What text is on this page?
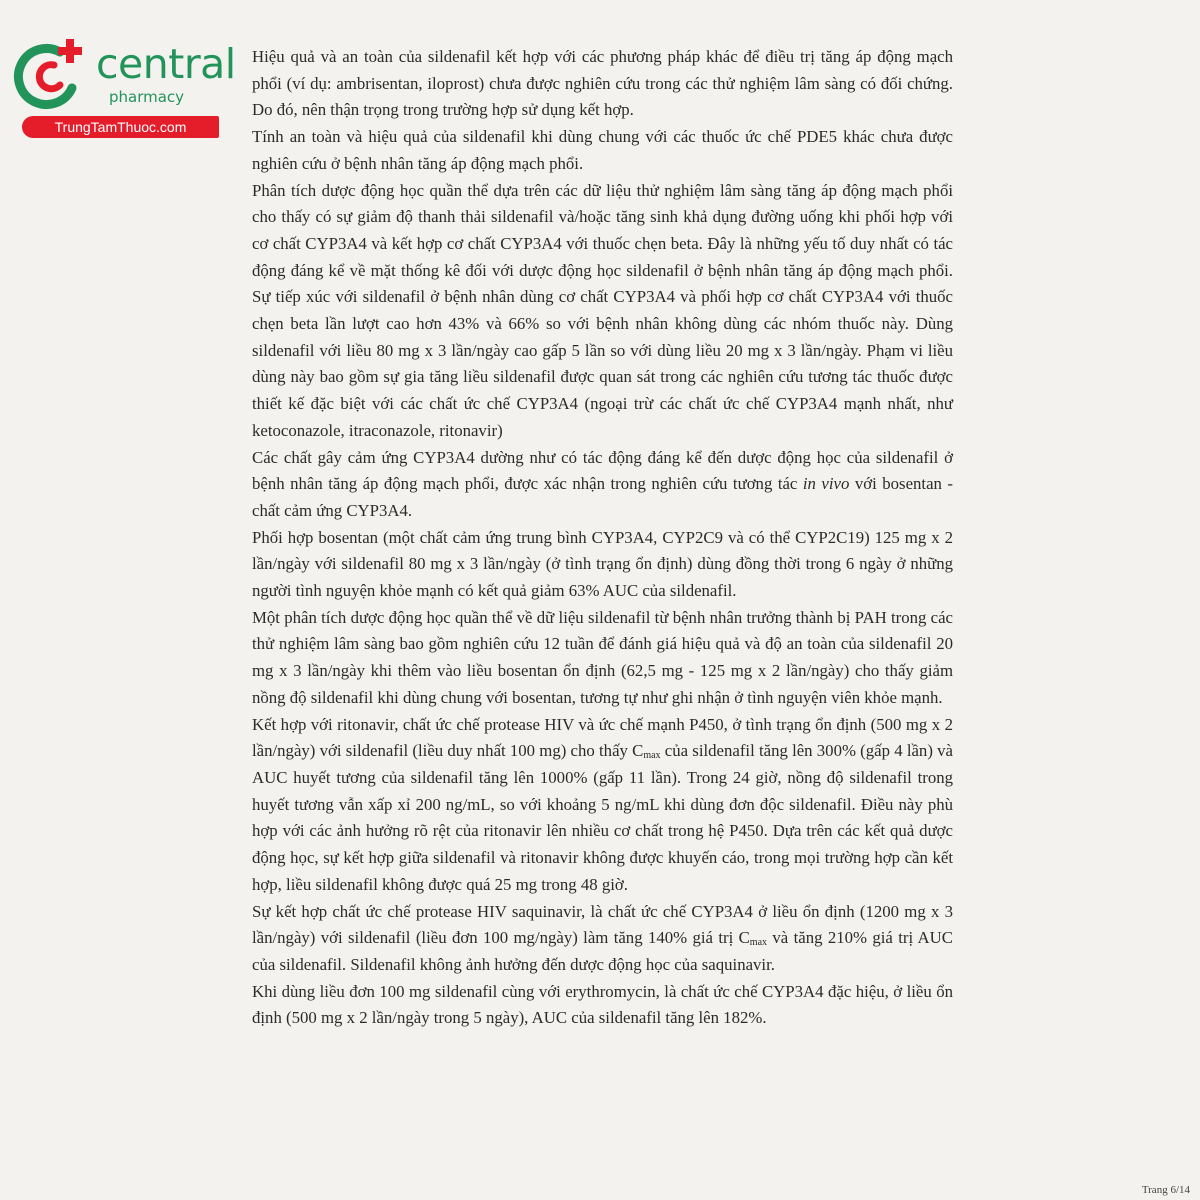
central
pharmacy
TrungTamThuoc.com

Hiệu quả và an toàn của sildenafil kết hợp với các phương pháp khác để điều trị tăng áp động mạch phổi (ví dụ: ambrisentan, iloprost) chưa được nghiên cứu trong các thử nghiệm lâm sàng có đối chứng. Do đó, nên thận trọng trong trường hợp sử dụng kết hợp.

Tính an toàn và hiệu quả của sildenafil khi dùng chung với các thuốc ức chế PDE5 khác chưa được nghiên cứu ở bệnh nhân tăng áp động mạch phổi.

Phân tích dược động học quần thể dựa trên các dữ liệu thử nghiệm lâm sàng tăng áp động mạch phổi cho thấy có sự giảm độ thanh thải sildenafil và/hoặc tăng sinh khả dụng đường uống khi phối hợp với cơ chất CYP3A4 và kết hợp cơ chất CYP3A4 với thuốc chẹn beta. Đây là những yếu tố duy nhất có tác động đáng kể về mặt thống kê đối với dược động học sildenafil ở bệnh nhân tăng áp động mạch phổi. Sự tiếp xúc với sildenafil ở bệnh nhân dùng cơ chất CYP3A4 và phối hợp cơ chất CYP3A4 với thuốc chẹn beta lần lượt cao hơn 43% và 66% so với bệnh nhân không dùng các nhóm thuốc này. Dùng sildenafil với liều 80 mg x 3 lần/ngày cao gấp 5 lần so với dùng liều 20 mg x 3 lần/ngày. Phạm vi liều dùng này bao gồm sự gia tăng liều sildenafil được quan sát trong các nghiên cứu tương tác thuốc được thiết kế đặc biệt với các chất ức chế CYP3A4 (ngoại trừ các chất ức chế CYP3A4 mạnh nhất, như ketoconazole, itraconazole, ritonavir)

Các chất gây cảm ứng CYP3A4 dường như có tác động đáng kể đến dược động học của sildenafil ở bệnh nhân tăng áp động mạch phổi, được xác nhận trong nghiên cứu tương tác in vivo với bosentan - chất cảm ứng CYP3A4.

Phối hợp bosentan (một chất cảm ứng trung bình CYP3A4, CYP2C9 và có thể CYP2C19) 125 mg x 2 lần/ngày với sildenafil 80 mg x 3 lần/ngày (ở tình trạng ổn định) dùng đồng thời trong 6 ngày ở những người tình nguyện khỏe mạnh có kết quả giảm 63% AUC của sildenafil.

Một phân tích dược động học quần thể về dữ liệu sildenafil từ bệnh nhân trưởng thành bị PAH trong các thử nghiệm lâm sàng bao gồm nghiên cứu 12 tuần để đánh giá hiệu quả và độ an toàn của sildenafil 20 mg x 3 lần/ngày khi thêm vào liều bosentan ổn định (62,5 mg - 125 mg x 2 lần/ngày) cho thấy giảm nồng độ sildenafil khi dùng chung với bosentan, tương tự như ghi nhận ở tình nguyện viên khỏe mạnh.

Kết hợp với ritonavir, chất ức chế protease HIV và ức chế mạnh P450, ở tình trạng ổn định (500 mg x 2 lần/ngày) với sildenafil (liều duy nhất 100 mg) cho thấy $C_{max}$ của sildenafil tăng lên 300% (gấp 4 lần) và AUC huyết tương của sildenafil tăng lên 1000% (gấp 11 lần). Trong 24 giờ, nồng độ sildenafil trong huyết tương vẫn xấp xỉ 200 ng/mL, so với khoảng 5 ng/mL khi dùng đơn độc sildenafil. Điều này phù hợp với các ảnh hưởng rõ rệt của ritonavir lên nhiều cơ chất trong hệ P450. Dựa trên các kết quả dược động học, sự kết hợp giữa sildenafil và ritonavir không được khuyến cáo, trong mọi trường hợp cần kết hợp, liều sildenafil không được quá 25 mg trong 48 giờ.

Sự kết hợp chất ức chế protease HIV saquinavir, là chất ức chế CYP3A4 ở liều ổn định (1200 mg x 3 lần/ngày) với sildenafil (liều đơn 100 mg/ngày) làm tăng 140% giá trị $C_{max}$ và tăng 210% giá trị AUC của sildenafil. Sildenafil không ảnh hưởng đến dược động học của saquinavir.

Khi dùng liều đơn 100 mg sildenafil cùng với erythromycin, là chất ức chế CYP3A4 đặc hiệu, ở liều ổn định (500 mg x 2 lần/ngày trong 5 ngày), AUC của sildenafil tăng lên 182%.

Trang 6/14
